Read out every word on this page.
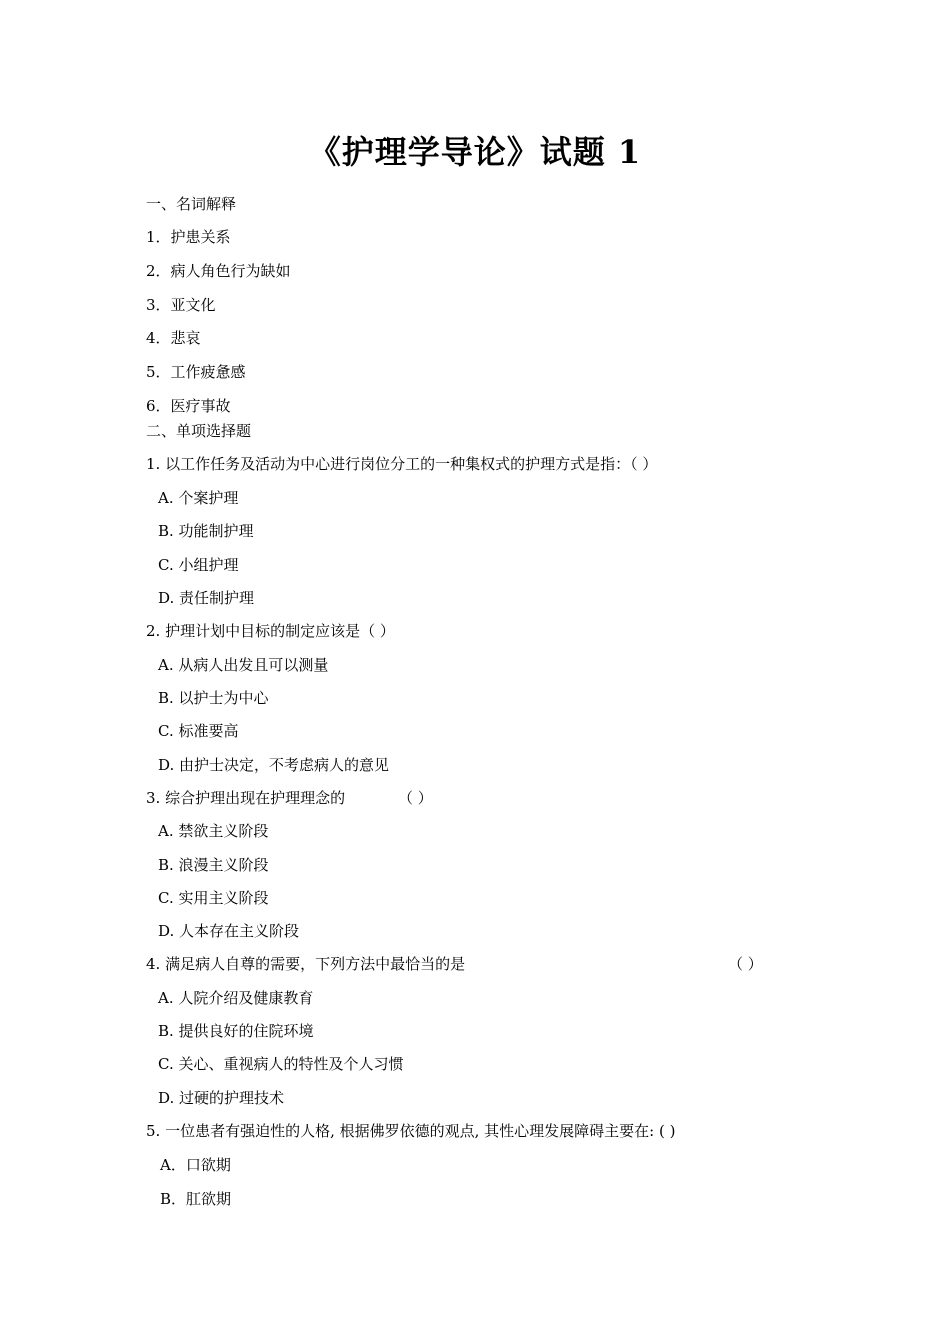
《护理学导论》试题 1
一、名词解释
1．护患关系
2．病人角色行为缺如
3．亚文化
4．悲哀
5．工作疲惫感
6．医疗事故
二、单项选择题
1. 以工作任务及活动为中心进行岗位分工的一种集权式的护理方式是指：（ ）
A. 个案护理
B. 功能制护理
C. 小组护理
D. 责任制护理
2. 护理计划中目标的制定应该是（ ）
A. 从病人出发且可以测量
B. 以护士为中心
C. 标准要高
D. 由护士决定，不考虑病人的意见
3. 综合护理出现在护理理念的	（ ）
A. 禁欲主义阶段
B. 浪漫主义阶段
C. 实用主义阶段
D. 人本存在主义阶段
4. 满足病人自尊的需要，下列方法中最恰当的是	（ ）
A. 人院介绍及健康教育
B. 提供良好的住院环境
C. 关心、重视病人的特性及个人习惯
D. 过硬的护理技术
5. 一位患者有强迫性的人格, 根据佛罗依德的观点, 其性心理发展障碍主要在: ( )
A．口欲期
B．肛欲期
